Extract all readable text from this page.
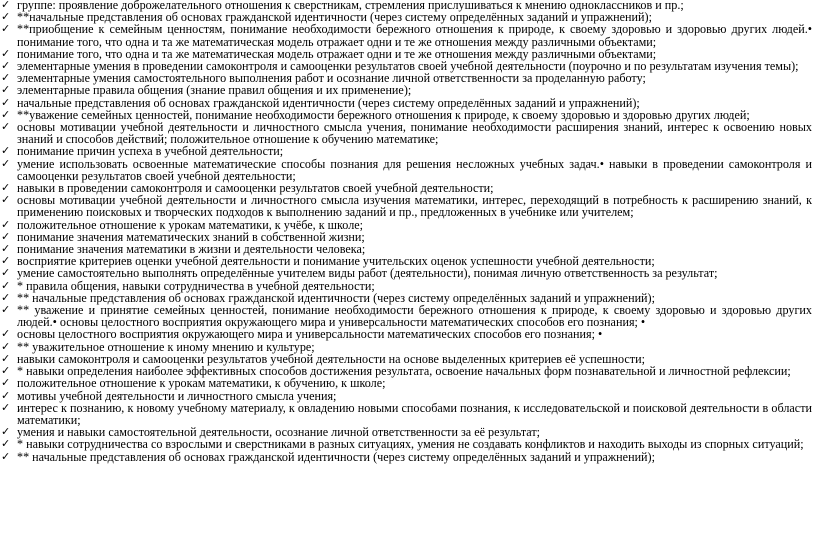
✓ группе: проявление доброжелательного отношения к сверстникам, стремления прислушиваться к мнению одноклассников и пр.;
✓ **начальные представления об основах гражданской идентичности (через систему определённых заданий и упражнений);
✓ **приобщение к семейным ценностям, понимание необходимости бережного отношения к природе, к своему здоровью и здоровью других людей.• понимание того, что одна и та же математическая модель отражает одни и те же отношения между различными объектами;
✓ понимание того, что одна и та же математическая модель отражает одни и те же отношения между различными объектами;
✓ элементарные умения в проведении самоконтроля и самооценки результатов своей учебной деятельности (поурочно и по результатам изучения темы);
✓ элементарные умения самостоятельного выполнения работ и осознание личной ответственности за проделанную работу;
✓ элементарные правила общения (знание правил общения и их применение);
✓ начальные представления об основах гражданской идентичности (через систему определённых заданий и упражнений);
✓ **уважение семейных ценностей, понимание необходимости бережного отношения к природе, к своему здоровью и здоровью других людей;
✓ основы мотивации учебной деятельности и личностного смысла учения, понимание необходимости расширения знаний, интерес к освоению новых знаний и способов действий; положительное отношение к обучению математике;
✓ понимание причин успеха в учебной деятельности;
✓ умение использовать освоенные математические способы познания для решения несложных учебных задач.• навыки в проведении самоконтроля и самооценки результатов своей учебной деятельности;
✓ навыки в проведении самоконтроля и самооценки результатов своей учебной деятельности;
✓ основы мотивации учебной деятельности и личностного смысла изучения математики, интерес, переходящий в потребность к расширению знаний, к применению поисковых и творческих подходов к выполнению заданий и пр., предложенных в учебнике или учителем;
✓ положительное отношение к урокам математики, к учёбе, к школе;
✓ понимание значения математических знаний в собственной жизни;
✓ понимание значения математики в жизни и деятельности человека;
✓ восприятие критериев оценки учебной деятельности и понимание учительских оценок успешности учебной деятельности;
✓ умение самостоятельно выполнять определённые учителем виды работ (деятельности), понимая личную ответственность за результат;
✓ * правила общения, навыки сотрудничества в учебной деятельности;
✓ ** начальные представления об основах гражданской идентичности (через систему определённых заданий и упражнений);
✓ ** уважение и принятие семейных ценностей, понимание необходимости бережного отношения к природе, к своему здоровью и здоровью других людей.• основы целостного восприятия окружающего мира и универсальности математических способов его познания; •
✓ основы целостного восприятия окружающего мира и универсальности математических способов его познания; •
✓ ** уважительное отношение к иному мнению и культуре;
✓ навыки самоконтроля и самооценки результатов учебной деятельности на основе выделенных критериев её успешности;
✓ * навыки определения наиболее эффективных способов достижения результата, освоение начальных форм познавательной и личностной рефлексии;
✓ положительное отношение к урокам математики, к обучению, к школе;
✓ мотивы учебной деятельности и личностного смысла учения;
✓ интерес к познанию, к новому учебному материалу, к овладению новыми способами познания, к исследовательской и поисковой деятельности в области математики;
✓ умения и навыки самостоятельной деятельности, осознание личной ответственности за её результат;
✓ * навыки сотрудничества со взрослыми и сверстниками в разных ситуациях, умения не создавать конфликтов и находить выходы из спорных ситуаций;
✓ ** начальные представления об основах гражданской идентичности (через систему определённых заданий и упражнений);
